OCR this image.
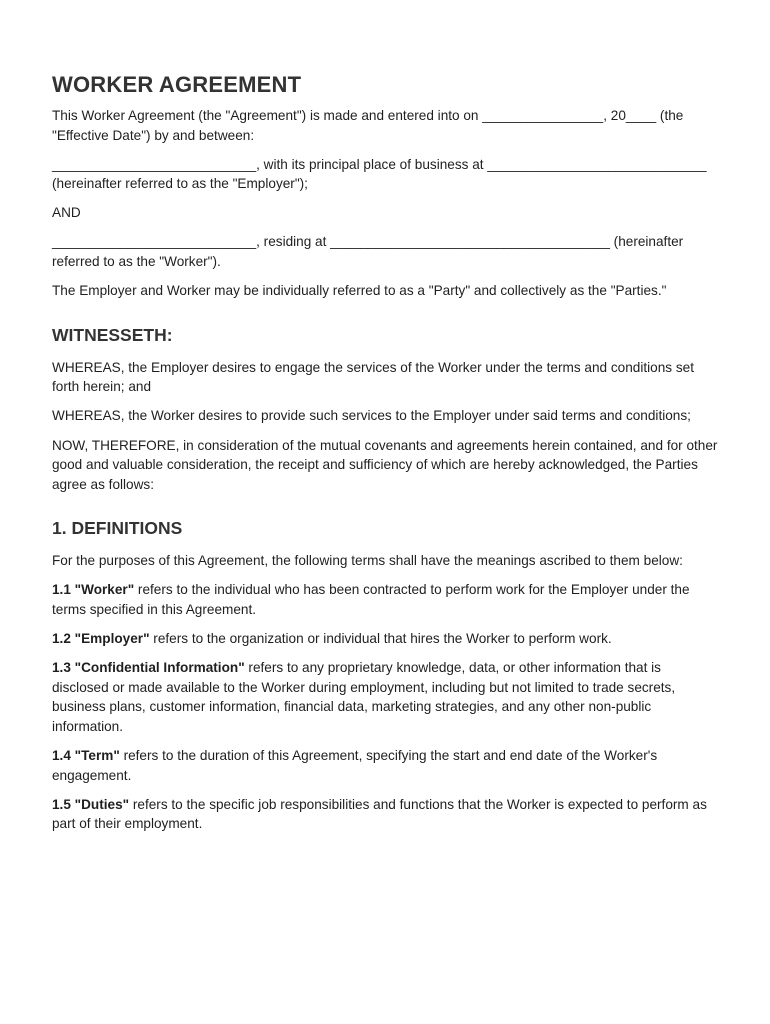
WORKER AGREEMENT

This Worker Agreement (the "Agreement") is made and entered into on ________________, 20____ (the "Effective Date") by and between:

___________________________, with its principal place of business at _____________________________ (hereinafter referred to as the "Employer");

AND

___________________________, residing at _____________________________________ (hereinafter referred to as the "Worker").

The Employer and Worker may be individually referred to as a "Party" and collectively as the "Parties."

WITNESSETH:

WHEREAS, the Employer desires to engage the services of the Worker under the terms and conditions set forth herein; and

WHEREAS, the Worker desires to provide such services to the Employer under said terms and conditions;

NOW, THEREFORE, in consideration of the mutual covenants and agreements herein contained, and for other good and valuable consideration, the receipt and sufficiency of which are hereby acknowledged, the Parties agree as follows:

1. DEFINITIONS

For the purposes of this Agreement, the following terms shall have the meanings ascribed to them below:

1.1 "Worker" refers to the individual who has been contracted to perform work for the Employer under the terms specified in this Agreement.

1.2 "Employer" refers to the organization or individual that hires the Worker to perform work.

1.3 "Confidential Information" refers to any proprietary knowledge, data, or other information that is disclosed or made available to the Worker during employment, including but not limited to trade secrets, business plans, customer information, financial data, marketing strategies, and any other non-public information.

1.4 "Term" refers to the duration of this Agreement, specifying the start and end date of the Worker's engagement.

1.5 "Duties" refers to the specific job responsibilities and functions that the Worker is expected to perform as part of their employment.
